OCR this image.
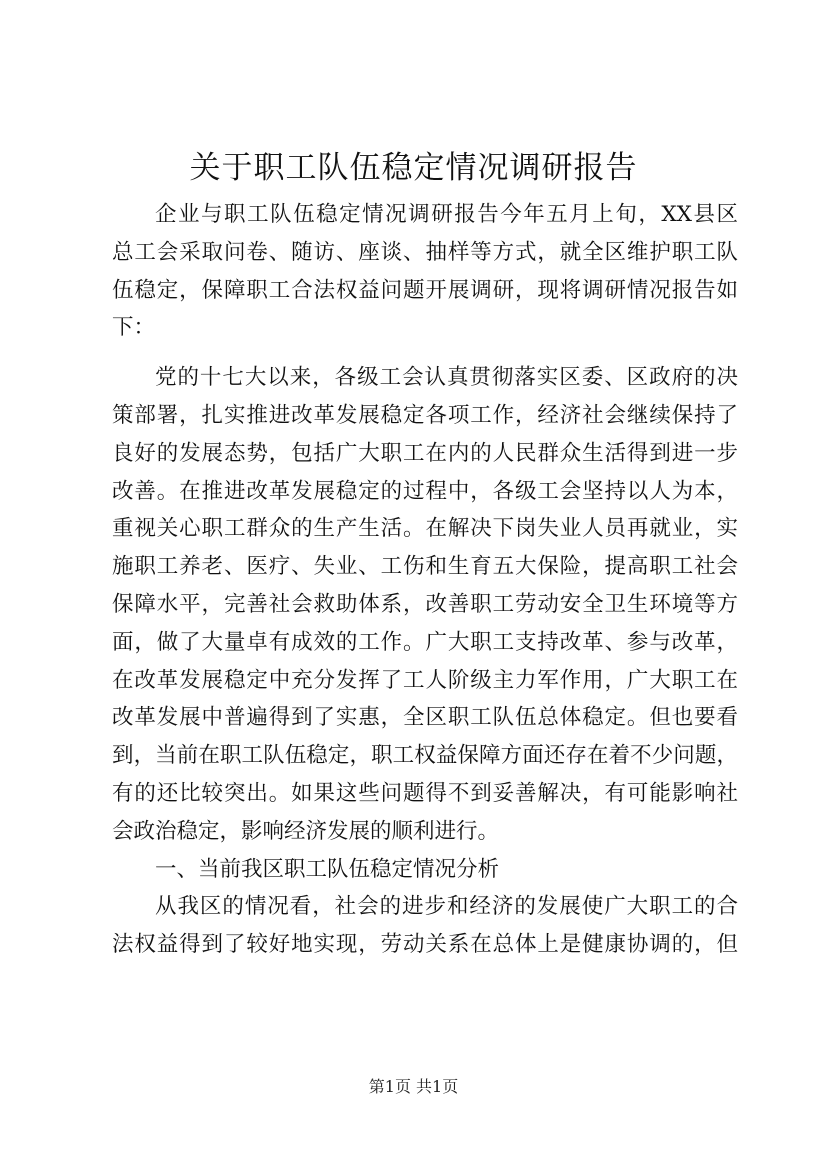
关于职工队伍稳定情况调研报告
企业与职工队伍稳定情况调研报告今年五月上旬，XX县区
总工会采取问卷、随访、座谈、抽样等方式，就全区维护职工队
伍稳定，保障职工合法权益问题开展调研，现将调研情况报告如
下：
党的十七大以来，各级工会认真贯彻落实区委、区政府的决
策部署，扎实推进改革发展稳定各项工作，经济社会继续保持了
良好的发展态势，包括广大职工在内的人民群众生活得到进一步
改善。在推进改革发展稳定的过程中，各级工会坚持以人为本，
重视关心职工群众的生产生活。在解决下岗失业人员再就业，实
施职工养老、医疗、失业、工伤和生育五大保险，提高职工社会
保障水平，完善社会救助体系，改善职工劳动安全卫生环境等方
面，做了大量卓有成效的工作。广大职工支持改革、参与改革，
在改革发展稳定中充分发挥了工人阶级主力军作用，广大职工在
改革发展中普遍得到了实惠，全区职工队伍总体稳定。但也要看
到，当前在职工队伍稳定，职工权益保障方面还存在着不少问题，
有的还比较突出。如果这些问题得不到妥善解决，有可能影响社
会政治稳定，影响经济发展的顺利进行。
一、当前我区职工队伍稳定情况分析
从我区的情况看，社会的进步和经济的发展使广大职工的合
法权益得到了较好地实现，劳动关系在总体上是健康协调的，但
第1页 共1页
